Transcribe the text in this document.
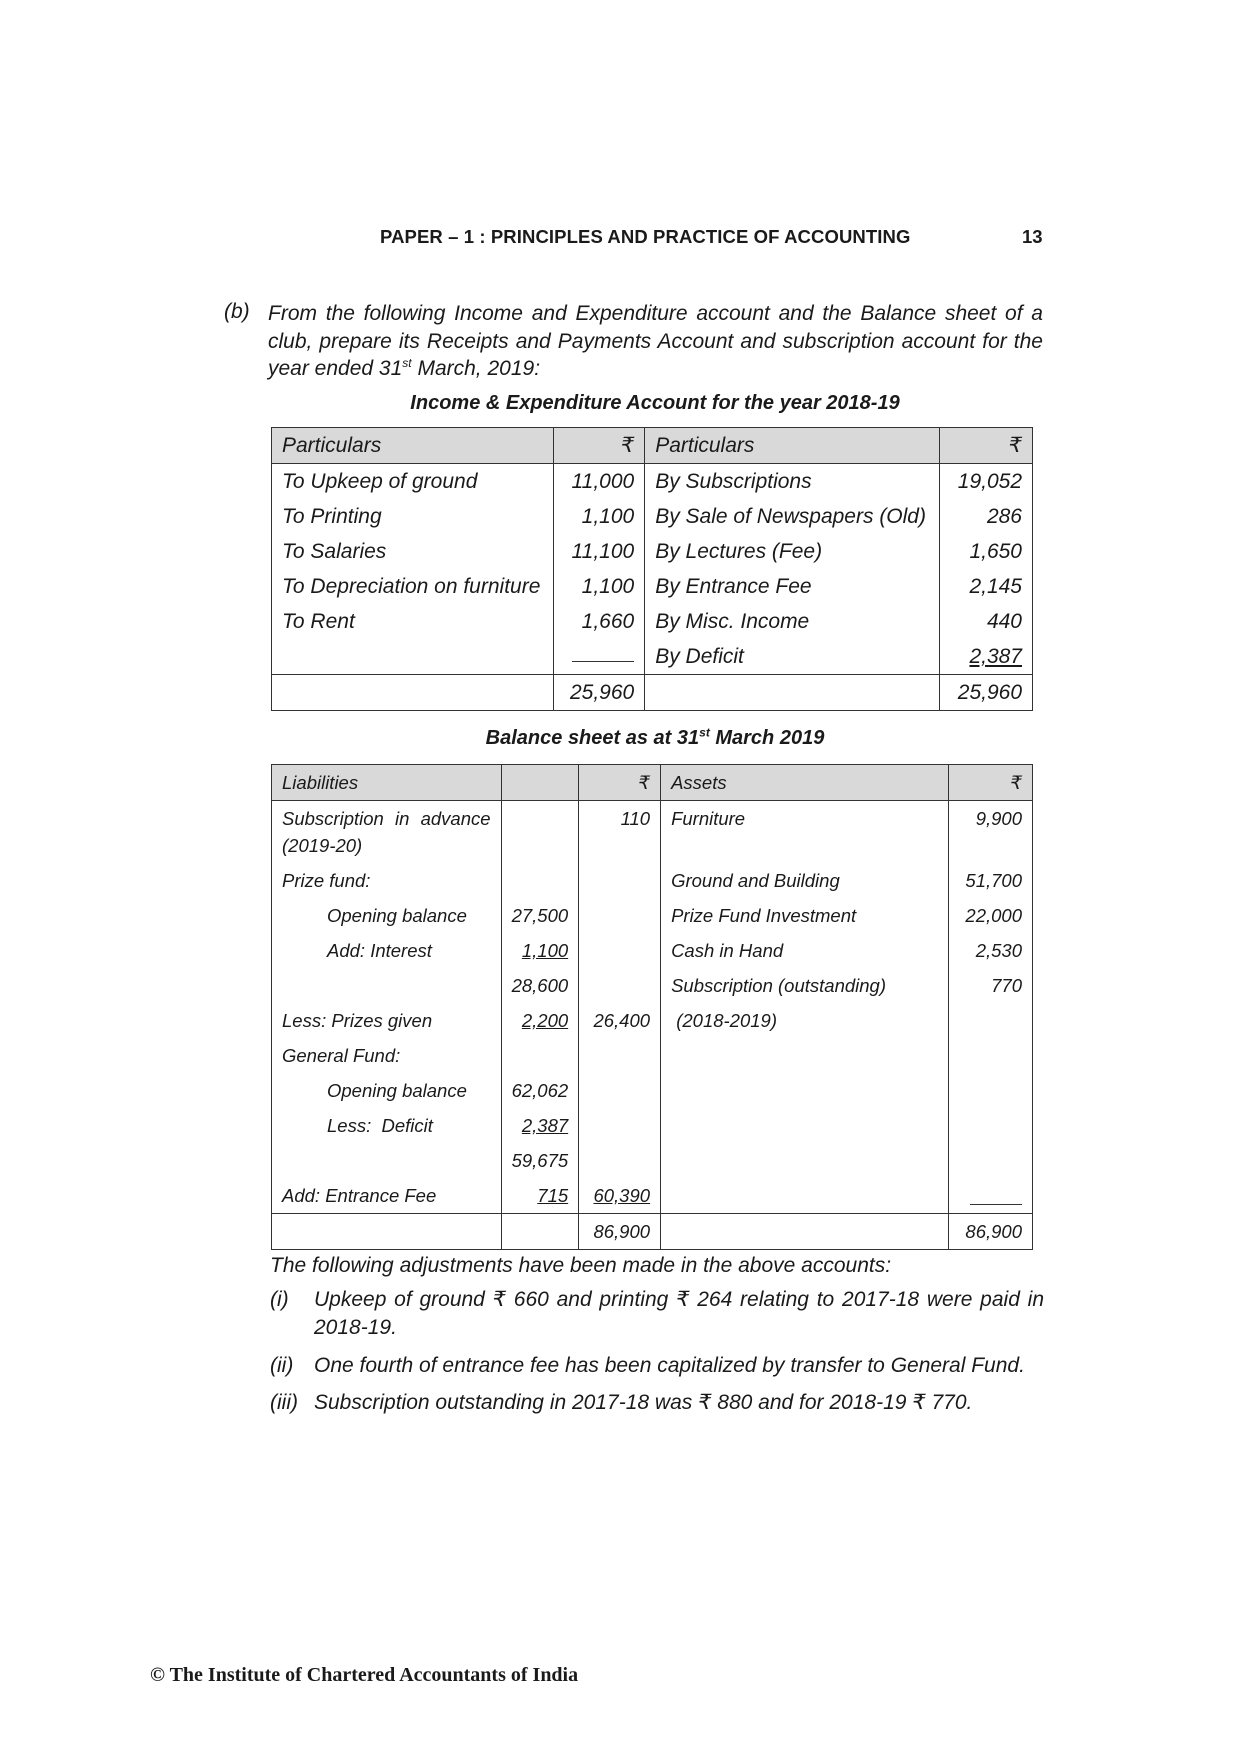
PAPER – 1 : PRINCIPLES AND PRACTICE OF ACCOUNTING	13
(b) From the following Income and Expenditure account and the Balance sheet of a club, prepare its Receipts and Payments Account and subscription account for the year ended 31st March, 2019:
Income & Expenditure Account for the year 2018-19
Particulars	₹	Particulars	₹
To Upkeep of ground	11,000	By Subscriptions	19,052
To Printing	1,100	By Sale of Newspapers (Old)	286
To Salaries	11,100	By Lectures (Fee)	1,650
To Depreciation on furniture	1,100	By Entrance Fee	2,145
To Rent	1,660	By Misc. Income	440
		By Deficit	2,387
	25,960		25,960
Balance sheet as at 31st March 2019
Liabilities		₹	Assets	₹
Subscription in advance (2019-20)		110	Furniture	9,900
Prize fund:			Ground and Building	51,700
Opening balance	27,500		Prize Fund Investment	22,000
Add: Interest	1,100		Cash in Hand	2,530
	28,600		Subscription (outstanding)	770
Less: Prizes given	2,200	26,400	(2018-2019)	
General Fund:				
Opening balance	62,062			
Less:  Deficit	2,387			
	59,675			
Add: Entrance Fee	715	60,390		
		86,900		86,900
The following adjustments have been made in the above accounts:
(i) Upkeep of ground ₹ 660 and printing ₹ 264 relating to 2017-18 were paid in 2018-19.
(ii) One fourth of entrance fee has been capitalized by transfer to General Fund.
(iii) Subscription outstanding in 2017-18 was ₹ 880 and for 2018-19 ₹ 770.
© The Institute of Chartered Accountants of India
